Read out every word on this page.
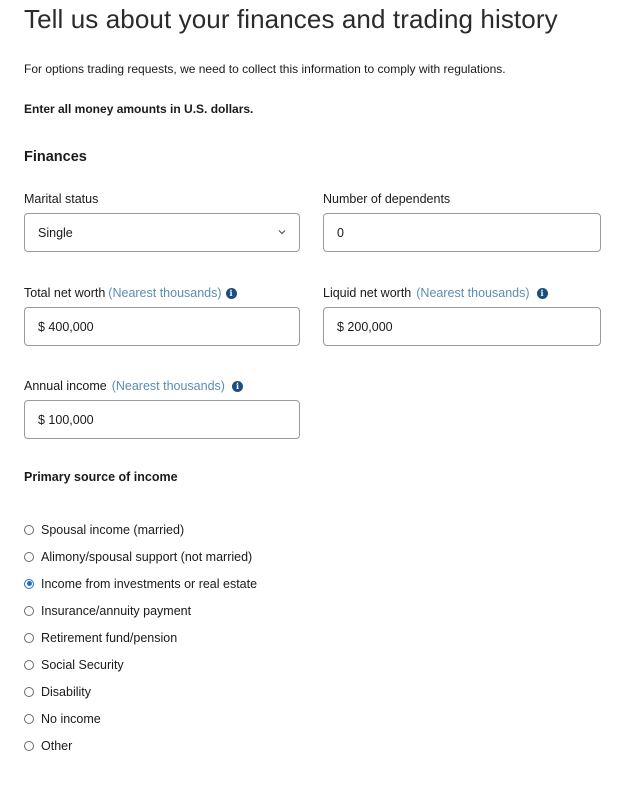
Tell us about your finances and trading history
For options trading requests, we need to collect this information to comply with regulations.
Enter all money amounts in U.S. dollars.
Finances
Marital status
Single
Number of dependents
0
Total net worth (Nearest thousands) i
$ 400,000
Liquid net worth (Nearest thousands)	i
$ 200,000
Annual income (Nearest thousands)	i
$ 100,000
Primary source of income
Spousal income (married)
Alimony/spousal support (not married)
Income from investments or real estate
Insurance/annuity payment
Retirement fund/pension
Social Security
Disability
No income
Other
